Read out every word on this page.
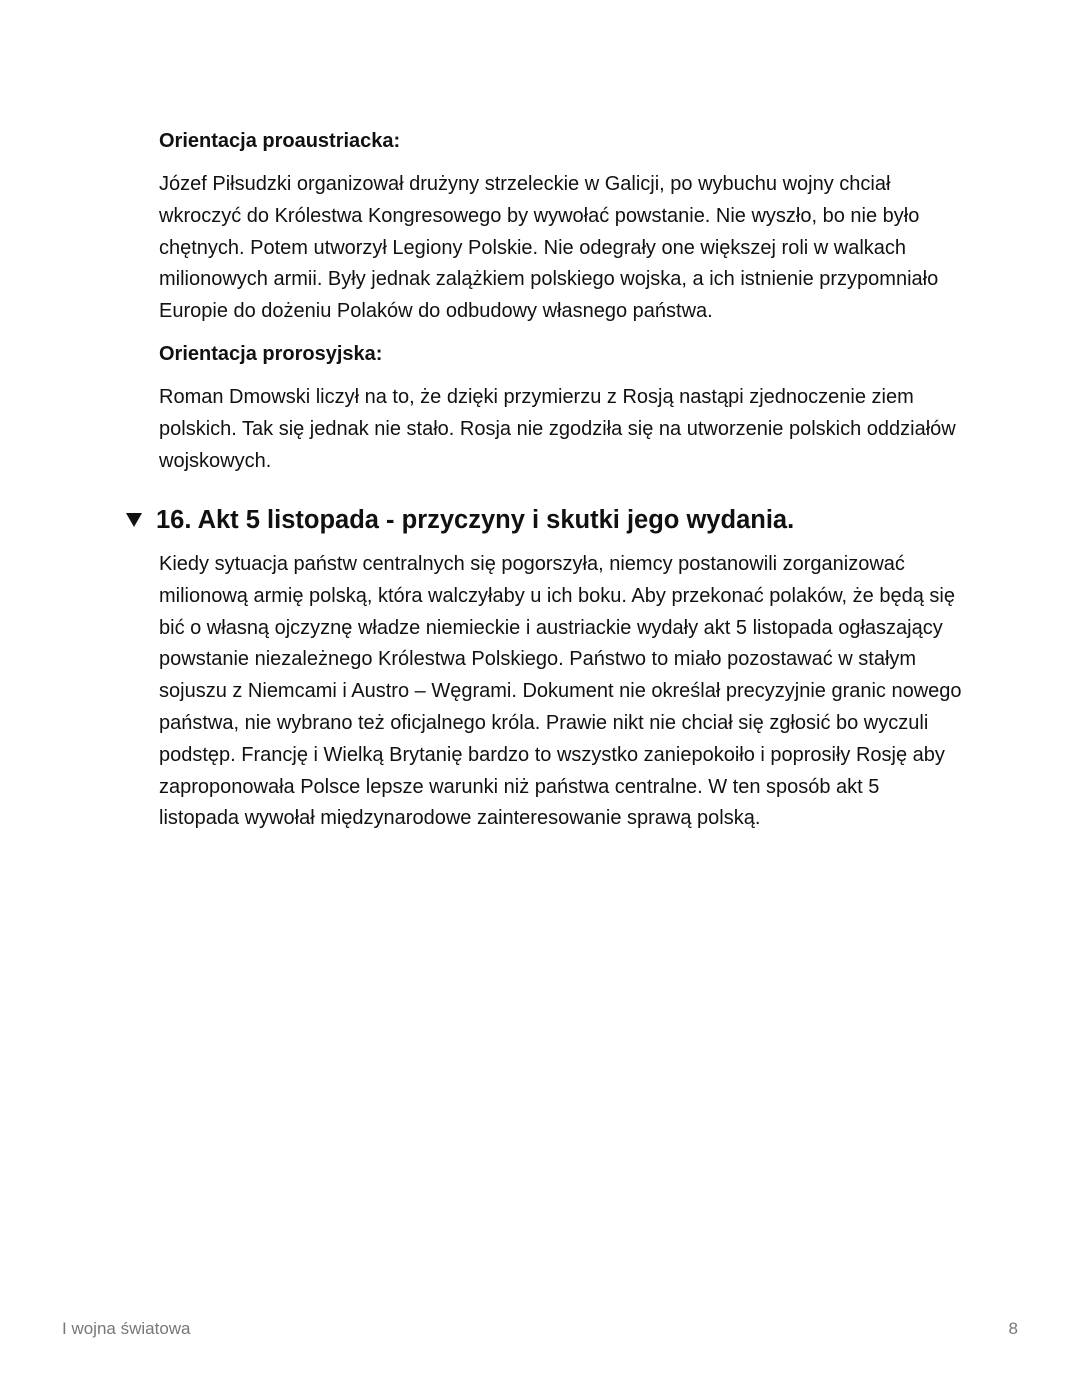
Orientacja proaustriacka:

Józef Piłsudzki organizował drużyny strzeleckie w Galicji, po wybuchu wojny chciał wkroczyć do Królestwa Kongresowego by wywołać powstanie. Nie wyszło, bo nie było chętnych. Potem utworzył Legiony Polskie. Nie odegrały one większej roli w walkach milionowych armii. Były jednak zalążkiem polskiego wojska, a ich istnienie przypomniało Europie do dożeniu Polaków do odbudowy własnego państwa.

Orientacja prorosyjska:

Roman Dmowski liczył na to, że dzięki przymierzu z Rosją nastąpi zjednoczenie ziem polskich. Tak się jednak nie stało. Rosja nie zgodziła się na utworzenie polskich oddziałów wojskowych.

16. Akt 5 listopada - przyczyny i skutki jego wydania.

Kiedy sytuacja państw centralnych się pogorszyła, niemcy postanowili zorganizować milionową armię polską, która walczyłaby u ich boku. Aby przekonać polaków, że będą się bić o własną ojczyznę władze niemieckie i austriackie wydały akt 5 listopada ogłaszający powstanie niezależnego Królestwa Polskiego. Państwo to miało pozostawać w stałym sojuszu z Niemcami i Austro – Węgrami. Dokument nie określał precyzyjnie granic nowego państwa, nie wybrano też oficjalnego króla. Prawie nikt nie chciał się zgłosić bo wyczuli podstęp. Francję i Wielką Brytanię bardzo to wszystko zaniepokoiło i poprosiły Rosję aby zaproponowała Polsce lepsze warunki niż państwa centralne. W ten sposób akt 5 listopada wywołał międzynarodowe zainteresowanie sprawą polską.

I wojna światowa	8
